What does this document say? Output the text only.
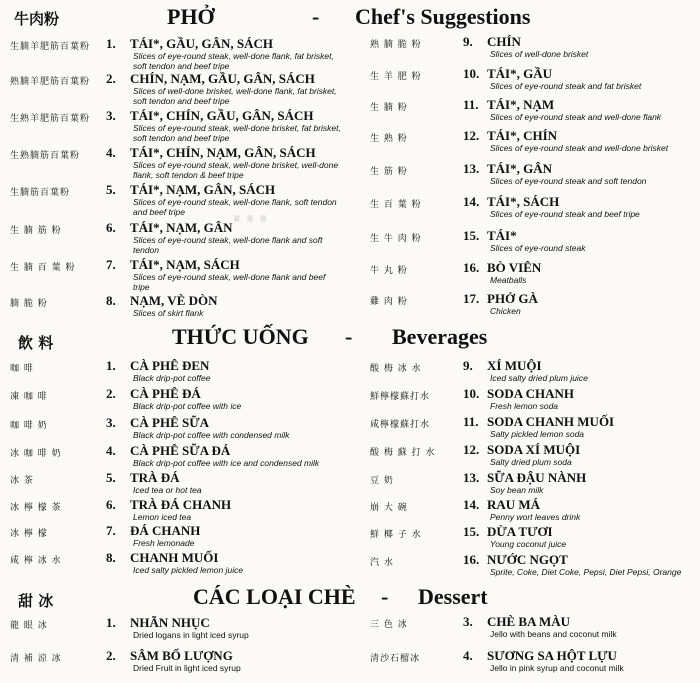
牛肉粉	PHỞ	- Chef's Suggestions
⋯
生腩羊肥筋百葉粉 1. TÁI*, GẦU, GÂN, SÁCH
Slices of eye-round steak, well-done flank, fat brisket, soft tendon and beef tripe
熟腩羊肥筋百葉粉 2. CHÍN, NẠM, GẦU, GÂN, SÁCH
Slices of well-done brisket, well-done flank, fat brisket, soft tendon and beef tripe
生熟羊肥筋百葉粉 3. TÁI*, CHÍN, GẦU, GÂN, SÁCH
Slices of eye-round steak, well-done brisket, fat brisket, soft tendon and beef tripe
生熟腩筋百葉粉	4. TÁI*, CHÍN, NẠM, GÂN, SÁCH
Slices of eye-round steak, well-done brisket, well-done flank, soft tendon & beef tripe
生腩筋百葉粉	5. TÁI*, NẠM, GÂN, SÁCH
Slices of eye-round steak, well-done flank, soft tendon and beef tripe
生 腩 筋 粉	6. TÁI*, NẠM, GÂN
Slices of eye-round steak, well-done flank and soft tendon
生 腩 百 葉 粉	7. TÁI*, NẠM, SÁCH
Slices of eye-round steak, well-done flank and beef tripe
腩 脆 粉	8. NẠM, VÈ DÒN
Slices of skirt flank
熟 腩 脆 粉	9. CHÍN
Slices of well-done brisket
生 羊 肥 粉	10. TÁI*, GẦU
Slices of eye-round steak and fat brisket
生 腩 粉	11. TÁI*, NẠM
Slices of eye-round steak and well-done flank
生 熟 粉	12. TÁI*, CHÍN
Slices of eye-round steak and well-done brisket
生 筋 粉	13. TÁI*, GÂN
Slices of eye-round steak and soft tendon
生 百 葉 粉	14. TÁI*, SÁCH
Slices of eye-round steak and beef tripe
生 牛 肉 粉	15. TÁI*
Slices of eye-round steak
牛 丸 粉	16. BÒ VIÊN
Meatballs
雞 肉 粉	17. PHỞ GÀ
Chicken
飲 料	THỨC UỐNG - Beverages
咖 啡	1. CÀ PHÊ ĐEN
Black drip-pot coffee
凍 咖 啡	2. CÀ PHÊ ĐÁ
Black drip-pot coffee with ice
咖 啡 奶	3. CÀ PHÊ SỮA
Black drip-pot coffee with condensed milk
冰 咖 啡 奶	4. CÀ PHÊ SỮA ĐÁ
Black drip-pot coffee with ice and condensed milk
冰 茶	5. TRÀ ĐÁ
Iced tea or hot tea
冰 檸 檬 茶	6. TRÀ ĐÁ CHANH
Lemon iced tea
冰 檸 檬	7. ĐÁ CHANH
Fresh lemonade
咸 檸 冰 水	8. CHANH MUỐI
Iced salty pickled lemon juice
酸 梅 冰 水	9. XÍ MUỘI
Iced salty dried plum juice
鮮檸檬蘇打水	10. SODA CHANH
Fresh lemon soda
咸檸檬蘇打水	11. SODA CHANH MUỐI
Salty pickled lemon soda
酸 梅 蘇 打 水	12. SODA XÍ MUỘI
Salty dried plum soda
豆 奶	13. SỮA ĐẬU NÀNH
Soy bean milk
崩 大 碗	14. RAU MÁ
Penny wort leaves drink
鮮 椰 子 水	15. DỪA TƯƠI
Young coconut juice
汽 水	16. NƯỚC NGỌT
Sprite, Coke, Diet Coke, Pepsi, Diet Pepsi, Orange
甜 冰	CÁC LOẠI CHÈ - Dessert
龍 眼 冰	1. NHÃN NHỤC
Dried logans in light iced syrup
清 補 涼 冰	2. SÂM BỔ LƯỢNG
Dried Fruit in light iced syrup
三 色 冰	3. CHÈ BA MÀU
Jello with beans and coconut milk
清沙石榴冰	4. SƯƠNG SA HỘT LỰU
Jello in pink syrup and coconut milk
